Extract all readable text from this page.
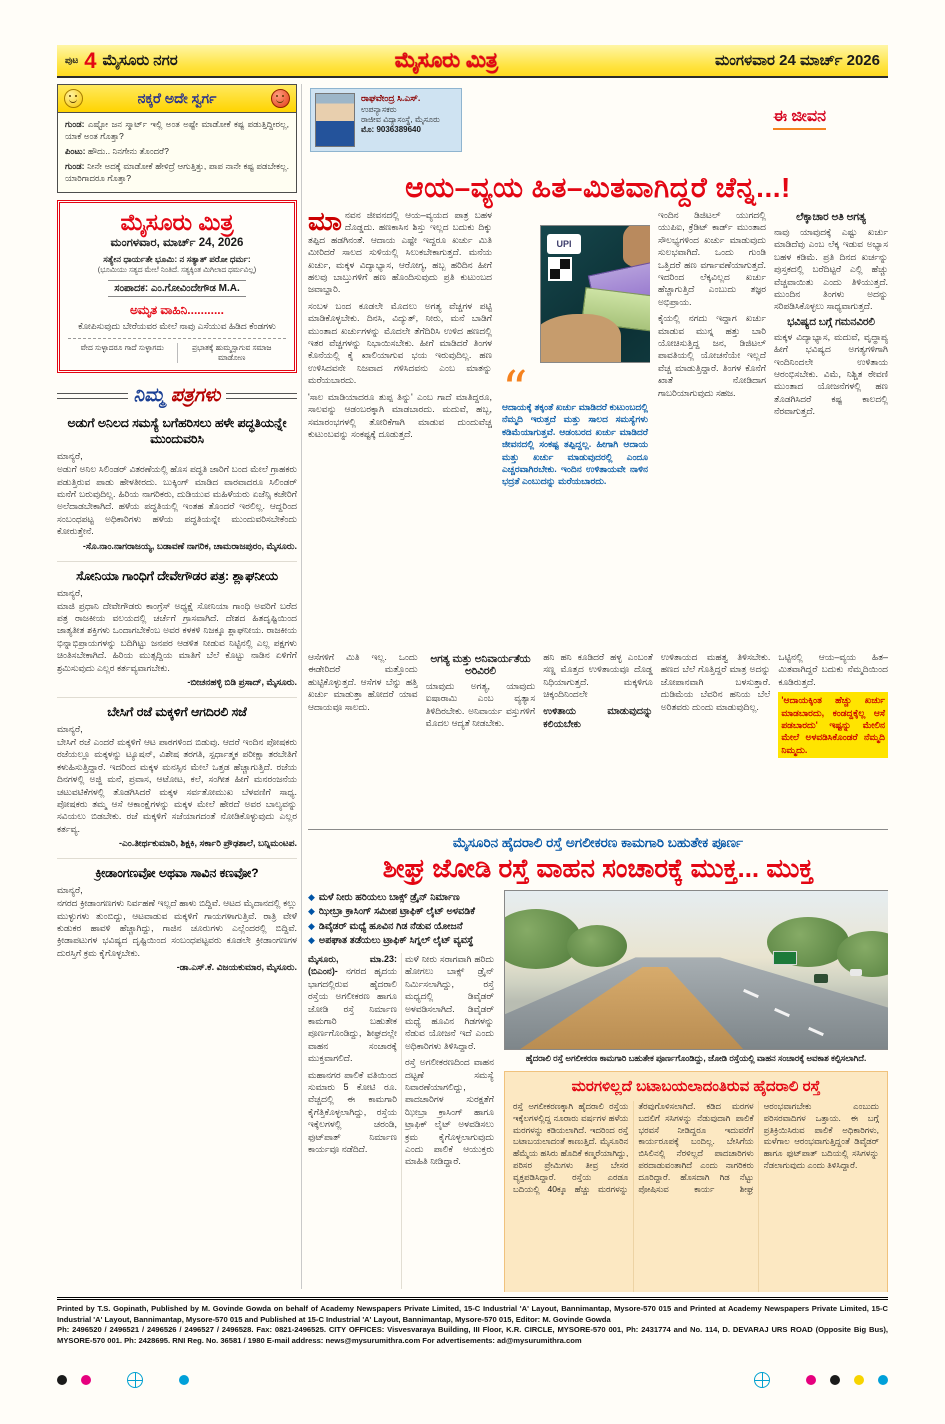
ಪುಟ 4 ಮೈಸೂರು ನಗರ	ಮೈಸೂರು ಮಿತ್ರ	ಮಂಗಳವಾರ 24 ಮಾರ್ಚ್ 2026
ನಕ್ಕರೆ ಅದೇ ಸ್ವರ್ಗ

ಗುಂಡ: ಎಷ್ಟೋ ಜನ ಸ್ಮಾರ್ಟ್ ಇಲ್ಲಿ ಅಂತ ಅಷ್ಟೇ ಮಾಡೋಕೆ ಕಷ್ಟ ಪಡುತ್ತಿದ್ದೀರಲ್ಲ, ಯಾಕೆ ಅಂತ ಗೊತ್ತಾ?

ಪಿಂಟು: ಹೌದು.. ನಿನಗೇನು ತೊಂದರೆ?

ಗುಂಡ: ನೀನೇ ಅದಕ್ಕೆ ಮಾಡೋಕೆ ಹೇಳಿದ್ರೆ ಆಗುತ್ತಿತ್ತು, ಪಾಪ ನಾನೇ ಕಷ್ಟ ಪಡಬೇಕಲ್ಲ. ಯಾರಿಗಾದರೂ ಗೊತ್ತಾ?

ಮೈಸೂರು ಮಿತ್ರ
ಮಂಗಳವಾರ, ಮಾರ್ಚ್ 24, 2026
ಸತ್ಯೇನ ಧಾರ್ಯತೇ ಭೂಮಿ: ನ ಸತ್ಯಾತ್ ಪರೋ ಧರ್ಮ:
(ಭೂಮಿಯು ಸತ್ಯದ ಮೇಲೆ ನಿಂತಿದೆ. ಸತ್ಯಕ್ಕಿಂತ ಮಿಗಿಲಾದ ಧರ್ಮವಿಲ್ಲ)
ಸಂಪಾದಕ: ಎಂ.ಗೋವಿಂದೇಗೌಡ M.A.
ಅಮೃತ ವಾಹಿನಿ...........
ಕೋಪಿಸುವುದು ಬೇರೆಯವರ ಮೇಲೆ ನಾವು ಎಸೆಯುವ ಹಿಡಿದ ಕೆಂಡಗಳು
ವೇದ ಸುಳ್ಳಾದರೂ ಗಾದೆ ಸುಳ್ಳಾಗದು	ಪ್ರಭಾತಕ್ಕೆ ಹುಮ್ಮಸ್ಸಾಗುವ ಸಮಾಜ ಮಾಡೋಣ
ನಿಮ್ಮ ಪತ್ರಗಳು
ಅಡುಗೆ ಅನಿಲದ ಸಮಸ್ಯೆ ಬಗೆಹರಿಸಲು ಹಳೇ ಪದ್ಧತಿಯನ್ನೇ ಮುಂದುವರಿಸಿ

ಮಾನ್ಯರೆ,

ಅಡುಗೆ ಅನಿಲ ಸಿಲಿಂಡರ್ ವಿತರಣೆಯಲ್ಲಿ ಹೊಸ ಪದ್ಧತಿ ಜಾರಿಗೆ ಬಂದ ಮೇಲೆ ಗ್ರಾಹಕರು ಪಡುತ್ತಿರುವ ಪಾಡು ಹೇಳತೀರದು. ಬುಕ್ಕಿಂಗ್ ಮಾಡಿದ ವಾರವಾದರೂ ಸಿಲಿಂಡರ್ ಮನೆಗೆ ಬರುವುದಿಲ್ಲ. ಹಿರಿಯ ನಾಗರಿಕರು, ದುಡಿಯುವ ಮಹಿಳೆಯರು ಏಜೆನ್ಸಿ ಕಚೇರಿಗೆ ಅಲೆದಾಡಬೇಕಾಗಿದೆ. ಹಳೆಯ ಪದ್ಧತಿಯಲ್ಲಿ ಇಂತಹ ತೊಂದರೆ ಇರಲಿಲ್ಲ. ಆದ್ದರಿಂದ ಸಂಬಂಧಪಟ್ಟ ಅಧಿಕಾರಿಗಳು ಹಳೆಯ ಪದ್ಧತಿಯನ್ನೇ ಮುಂದುವರಿಸಬೇಕೆಂದು ಕೋರುತ್ತೇನೆ.

-ಸೊ.ನಾಂ.ನಾಗರಾಜಯ್ಯ, ಬಡಾವಣೆ ನಾಗರಿಕ, ಚಾಮರಾಜಪುರಂ, ಮೈಸೂರು.

ಸೋನಿಯಾ ಗಾಂಧಿಗೆ ದೇವೇಗೌಡರ ಪತ್ರ: ಶ್ಲಾಘನೀಯ

ಮಾನ್ಯರೆ,

ಮಾಜಿ ಪ್ರಧಾನಿ ದೇವೇಗೌಡರು ಕಾಂಗ್ರೆಸ್ ಅಧ್ಯಕ್ಷೆ ಸೋನಿಯಾ ಗಾಂಧಿ ಅವರಿಗೆ ಬರೆದ ಪತ್ರ ರಾಜಕೀಯ ವಲಯದಲ್ಲಿ ಚರ್ಚೆಗೆ ಗ್ರಾಸವಾಗಿದೆ. ದೇಶದ ಹಿತದೃಷ್ಟಿಯಿಂದ ಜಾತ್ಯತೀತ ಶಕ್ತಿಗಳು ಒಂದಾಗಬೇಕೆಂಬ ಅವರ ಕಳಕಳಿ ನಿಜಕ್ಕೂ ಶ್ಲಾಘನೀಯ. ರಾಜಕೀಯ ಭಿನ್ನಾಭಿಪ್ರಾಯಗಳನ್ನು ಬದಿಗಿಟ್ಟು ಜನಪರ ಆಡಳಿತ ನೀಡುವ ನಿಟ್ಟಿನಲ್ಲಿ ಎಲ್ಲ ಪಕ್ಷಗಳು ಚಿಂತಿಸಬೇಕಾಗಿದೆ. ಹಿರಿಯ ಮುತ್ಸದ್ದಿಯ ಮಾತಿಗೆ ಬೆಲೆ ಕೊಟ್ಟು ನಾಡಿನ ಏಳಿಗೆಗೆ ಶ್ರಮಿಸುವುದು ಎಲ್ಲರ ಕರ್ತವ್ಯವಾಗಬೇಕು.

-ಬೀಚನಹಳ್ಳಿ ಬಿಡಿ ಪ್ರಸಾದ್, ಮೈಸೂರು.

ಬೇಸಿಗೆ ರಜೆ ಮಕ್ಕಳಿಗೆ ಆಗದಿರಲಿ ಸಜೆ

ಮಾನ್ಯರೆ,

ಬೇಸಿಗೆ ರಜೆ ಎಂದರೆ ಮಕ್ಕಳಿಗೆ ಆಟ ಪಾಠಗಳಿಂದ ಬಿಡುವು. ಆದರೆ ಇಂದಿನ ಪೋಷಕರು ರಜೆಯಲ್ಲೂ ಮಕ್ಕಳನ್ನು ಟ್ಯೂಷನ್, ವಿಶೇಷ ತರಗತಿ, ಸ್ಪರ್ಧಾತ್ಮಕ ಪರೀಕ್ಷಾ ತರಬೇತಿಗೆ ಕಳುಹಿಸುತ್ತಿದ್ದಾರೆ. ಇದರಿಂದ ಮಕ್ಕಳ ಮನಸ್ಸಿನ ಮೇಲೆ ಒತ್ತಡ ಹೆಚ್ಚಾಗುತ್ತಿದೆ. ರಜೆಯ ದಿನಗಳಲ್ಲಿ ಅಜ್ಜಿ ಮನೆ, ಪ್ರವಾಸ, ಆಟೋಟ, ಕಲೆ, ಸಂಗೀತ ಹೀಗೆ ಮನರಂಜನೆಯ ಚಟುವಟಿಕೆಗಳಲ್ಲಿ ತೊಡಗಿಸಿದರೆ ಮಕ್ಕಳ ಸರ್ವತೋಮುಖ ಬೆಳವಣಿಗೆ ಸಾಧ್ಯ. ಪೋಷಕರು ತಮ್ಮ ಆಸೆ ಆಕಾಂಕ್ಷೆಗಳನ್ನು ಮಕ್ಕಳ ಮೇಲೆ ಹೇರದೆ ಅವರ ಬಾಲ್ಯವನ್ನು ಸವಿಯಲು ಬಿಡಬೇಕು. ರಜೆ ಮಕ್ಕಳಿಗೆ ಸಜೆಯಾಗದಂತೆ ನೋಡಿಕೊಳ್ಳುವುದು ಎಲ್ಲರ ಕರ್ತವ್ಯ.

-ಎಂ.ತೀರ್ಥಕುಮಾರಿ, ಶಿಕ್ಷಕಿ, ಸರ್ಕಾರಿ ಪ್ರೌಢಶಾಲೆ, ಬನ್ನಿಮಂಟಪ.

ಕ್ರೀಡಾಂಗಣವೋ ಅಥವಾ ಸಾವಿನ ಕಣವೋ?

ಮಾನ್ಯರೆ,

ನಗರದ ಕ್ರೀಡಾಂಗಣಗಳು ನಿರ್ವಹಣೆ ಇಲ್ಲದೆ ಹಾಳು ಬಿದ್ದಿವೆ. ಆಟದ ಮೈದಾನದಲ್ಲಿ ಕಲ್ಲು ಮುಳ್ಳುಗಳು ತುಂಬಿದ್ದು, ಆಟವಾಡುವ ಮಕ್ಕಳಿಗೆ ಗಾಯಗಳಾಗುತ್ತಿವೆ. ರಾತ್ರಿ ವೇಳೆ ಕುಡುಕರ ಹಾವಳಿ ಹೆಚ್ಚಾಗಿದ್ದು, ಗಾಜಿನ ಚೂರುಗಳು ಎಲ್ಲೆಂದರಲ್ಲಿ ಬಿದ್ದಿವೆ. ಕ್ರೀಡಾಪಟುಗಳ ಭವಿಷ್ಯದ ದೃಷ್ಟಿಯಿಂದ ಸಂಬಂಧಪಟ್ಟವರು ಕೂಡಲೇ ಕ್ರೀಡಾಂಗಣಗಳ ದುರಸ್ತಿಗೆ ಕ್ರಮ ಕೈಗೊಳ್ಳಬೇಕು.

-ಡಾ.ಎಸ್.ಕೆ. ವಿಜಯಕುಮಾರ, ಮೈಸೂರು.

ರಾಘವೇಂದ್ರ ಸಿ.ಎಸ್.
ಉಪನ್ಯಾಸಕರು
ರಾಜೀವ ವಿದ್ಯಾಸಂಸ್ಥೆ, ಮೈಸೂರು
ಮೊ: 9036389640
ಈ ಜೀವನ
ಆಯ–ವ್ಯಯ ಹಿತ–ಮಿತವಾಗಿದ್ದರೆ ಚೆನ್ನ...!

ಮಾನವನ ಜೀವನದಲ್ಲಿ ಆಯ–ವ್ಯಯದ ಪಾತ್ರ ಬಹಳ ದೊಡ್ಡದು. ಹಣಕಾಸಿನ ಶಿಸ್ತು ಇಲ್ಲದ ಬದುಕು ದಿಕ್ಕು ತಪ್ಪಿದ ಹಡಗಿನಂತೆ. ಆದಾಯ ಎಷ್ಟೇ ಇದ್ದರೂ ಖರ್ಚು ಮಿತಿ ಮೀರಿದರೆ ಸಾಲದ ಸುಳಿಯಲ್ಲಿ ಸಿಲುಕಬೇಕಾಗುತ್ತದೆ. ಮನೆಯ ಖರ್ಚು, ಮಕ್ಕಳ ವಿದ್ಯಾಭ್ಯಾಸ, ಆರೋಗ್ಯ, ಹಬ್ಬ ಹರಿದಿನ ಹೀಗೆ ಹಲವು ಬಾಬ್ತುಗಳಿಗೆ ಹಣ ಹೊಂದಿಸುವುದು ಪ್ರತಿ ಕುಟುಂಬದ ಜವಾಬ್ದಾರಿ.

ಸಂಬಳ ಬಂದ ಕೂಡಲೇ ಮೊದಲು ಅಗತ್ಯ ವೆಚ್ಚಗಳ ಪಟ್ಟಿ ಮಾಡಿಕೊಳ್ಳಬೇಕು. ದಿನಸಿ, ವಿದ್ಯುತ್, ನೀರು, ಮನೆ ಬಾಡಿಗೆ ಮುಂತಾದ ಖರ್ಚುಗಳನ್ನು ಮೊದಲೇ ತೆಗೆದಿರಿಸಿ ಉಳಿದ ಹಣದಲ್ಲಿ ಇತರ ವೆಚ್ಚಗಳನ್ನು ನಿಭಾಯಿಸಬೇಕು. ಹೀಗೆ ಮಾಡಿದರೆ ತಿಂಗಳ ಕೊನೆಯಲ್ಲಿ ಕೈ ಖಾಲಿಯಾಗುವ ಭಯ ಇರುವುದಿಲ್ಲ. ಹಣ ಉಳಿಸಿದವನೇ ನಿಜವಾದ ಗಳಿಸಿದವನು ಎಂಬ ಮಾತನ್ನು ಮರೆಯಬಾರದು.

'ಸಾಲ ಮಾಡಿಯಾದರೂ ತುಪ್ಪ ತಿನ್ನು' ಎಂಬ ಗಾದೆ ಮಾತಿದ್ದರೂ, ಸಾಲವನ್ನು ಆಡಂಬರಕ್ಕಾಗಿ ಮಾಡಬಾರದು. ಮದುವೆ, ಹಬ್ಬ, ಸಮಾರಂಭಗಳಲ್ಲಿ ತೋರಿಕೆಗಾಗಿ ಮಾಡುವ ದುಂದುವೆಚ್ಚ ಕುಟುಂಬವನ್ನು ಸಂಕಷ್ಟಕ್ಕೆ ದೂಡುತ್ತದೆ.

UPI
“

ಆದಾಯಕ್ಕೆ ತಕ್ಕಂತೆ ಖರ್ಚು ಮಾಡಿದರೆ ಕುಟುಂಬದಲ್ಲಿ ನೆಮ್ಮದಿ ಇರುತ್ತದೆ ಮತ್ತು ಸಾಲದ ಸಮಸ್ಯೆಗಳು ಕಡಿಮೆಯಾಗುತ್ತವೆ. ಆಡಂಬರದ ಖರ್ಚು ಮಾಡಿದರೆ ಜೀವನದಲ್ಲಿ ಸಂಕಷ್ಟ ತಪ್ಪಿದ್ದಲ್ಲ. ಹೀಗಾಗಿ ಆದಾಯ ಮತ್ತು ಖರ್ಚು ಮಾಡುವುದರಲ್ಲಿ ಎಂದೂ ಎಚ್ಚರವಾಗಿರಬೇಕು. ಇಂದಿನ ಉಳಿತಾಯವೇ ನಾಳಿನ ಭದ್ರತೆ ಎಂಬುದನ್ನು ಮರೆಯಬಾರದು.

ಇಂದಿನ ಡಿಜಿಟಲ್ ಯುಗದಲ್ಲಿ ಯುಪಿಐ, ಕ್ರೆಡಿಟ್ ಕಾರ್ಡ್ ಮುಂತಾದ ಸೌಲಭ್ಯಗಳಿಂದ ಖರ್ಚು ಮಾಡುವುದು ಸುಲಭವಾಗಿದೆ. ಒಂದು ಗುಂಡಿ ಒತ್ತಿದರೆ ಹಣ ವರ್ಗಾವಣೆಯಾಗುತ್ತದೆ. ಇದರಿಂದ ಲೆಕ್ಕವಿಲ್ಲದ ಖರ್ಚು ಹೆಚ್ಚಾಗುತ್ತಿದೆ ಎಂಬುದು ತಜ್ಞರ ಅಭಿಪ್ರಾಯ.

ಕೈಯಲ್ಲಿ ನಗದು ಇದ್ದಾಗ ಖರ್ಚು ಮಾಡುವ ಮುನ್ನ ಹತ್ತು ಬಾರಿ ಯೋಚಿಸುತ್ತಿದ್ದ ಜನ, ಡಿಜಿಟಲ್ ಪಾವತಿಯಲ್ಲಿ ಯೋಚನೆಯೇ ಇಲ್ಲದೆ ವೆಚ್ಚ ಮಾಡುತ್ತಿದ್ದಾರೆ. ತಿಂಗಳ ಕೊನೆಗೆ ಖಾತೆ ನೋಡಿದಾಗ ಗಾಬರಿಯಾಗುವುದು ಸಹಜ.

ಲೆಕ್ಕಾಚಾರ ಅತಿ ಅಗತ್ಯ

ನಾವು ಯಾವುದಕ್ಕೆ ಎಷ್ಟು ಖರ್ಚು ಮಾಡಿದೆವು ಎಂಬ ಲೆಕ್ಕ ಇಡುವ ಅಭ್ಯಾಸ ಬಹಳ ಕಡಿಮೆ. ಪ್ರತಿ ದಿನದ ಖರ್ಚನ್ನು ಪುಸ್ತಕದಲ್ಲಿ ಬರೆದಿಟ್ಟರೆ ಎಲ್ಲಿ ಹೆಚ್ಚು ವೆಚ್ಚವಾಯಿತು ಎಂದು ತಿಳಿಯುತ್ತದೆ. ಮುಂದಿನ ತಿಂಗಳು ಅದನ್ನು ಸರಿಪಡಿಸಿಕೊಳ್ಳಲು ಸಾಧ್ಯವಾಗುತ್ತದೆ.

ಭವಿಷ್ಯದ ಬಗ್ಗೆ ಗಮನವಿರಲಿ

ಮಕ್ಕಳ ವಿದ್ಯಾಭ್ಯಾಸ, ಮದುವೆ, ವೃದ್ಧಾಪ್ಯ ಹೀಗೆ ಭವಿಷ್ಯದ ಅಗತ್ಯಗಳಿಗಾಗಿ ಇಂದಿನಿಂದಲೇ ಉಳಿತಾಯ ಆರಂಭಿಸಬೇಕು. ವಿಮೆ, ನಿಶ್ಚಿತ ಠೇವಣಿ ಮುಂತಾದ ಯೋಜನೆಗಳಲ್ಲಿ ಹಣ ತೊಡಗಿಸಿದರೆ ಕಷ್ಟ ಕಾಲದಲ್ಲಿ ನೆರವಾಗುತ್ತದೆ.

ಆಸೆಗಳಿಗೆ ಮಿತಿ ಇಲ್ಲ. ಒಂದು ಈಡೇರಿದರೆ ಮತ್ತೊಂದು ಹುಟ್ಟಿಕೊಳ್ಳುತ್ತದೆ. ಆಸೆಗಳ ಬೆನ್ನು ಹತ್ತಿ ಖರ್ಚು ಮಾಡುತ್ತಾ ಹೋದರೆ ಯಾವ ಆದಾಯವೂ ಸಾಲದು.

ಅಗತ್ಯ ಮತ್ತು ಅನಿವಾರ್ಯತೆಯ ಅರಿವಿರಲಿ

ಯಾವುದು ಅಗತ್ಯ, ಯಾವುದು ಐಷಾರಾಮಿ ಎಂಬ ವ್ಯತ್ಯಾಸ ತಿಳಿದಿರಬೇಕು. ಅನಿವಾರ್ಯ ವಸ್ತುಗಳಿಗೆ ಮೊದಲ ಆದ್ಯತೆ ನೀಡಬೇಕು.

ಹನಿ ಹನಿ ಕೂಡಿದರೆ ಹಳ್ಳ ಎಂಬಂತೆ ಸಣ್ಣ ಮೊತ್ತದ ಉಳಿತಾಯವೂ ದೊಡ್ಡ ನಿಧಿಯಾಗುತ್ತದೆ. ಮಕ್ಕಳಿಗೂ ಚಿಕ್ಕಂದಿನಿಂದಲೇ

ಉಳಿತಾಯ ಮಾಡುವುದನ್ನು ಕಲಿಯಬೇಕು

ಉಳಿತಾಯದ ಮಹತ್ವ ತಿಳಿಸಬೇಕು. ಹಣದ ಬೆಲೆ ಗೊತ್ತಿ‌ದ್ದರೆ ಮಾತ್ರ ಅದನ್ನು ಜೋಪಾನವಾಗಿ ಬಳಸುತ್ತಾರೆ. ದುಡಿಮೆಯ ಬೆವರಿನ ಹನಿಯ ಬೆಲೆ ಅರಿತವರು ದುಂದು ಮಾಡುವುದಿಲ್ಲ.

ಒಟ್ಟಿನಲ್ಲಿ ಆಯ–ವ್ಯಯ ಹಿತ–ಮಿತವಾಗಿದ್ದರೆ ಬದುಕು ನೆಮ್ಮದಿಯಿಂದ ಕೂಡಿರುತ್ತದೆ.

'ಆದಾಯಕ್ಕಿಂತ ಹೆಚ್ಚು ಖರ್ಚು ಮಾಡಬಾರದು, ಕಂಡದ್ದಕ್ಕೆಲ್ಲ ಆಸೆ ಪಡಬಾರದು' ಇಷ್ಟನ್ನು ಮೇಲಿನ ಮೇಲೆ ಅಳವಡಿಸಿಕೊಂಡರೆ ನೆಮ್ಮದಿ ನಿಮ್ಮದು.

ಮೈಸೂರಿನ ಹೈದರಾಲಿ ರಸ್ತೆ ಅಗಲೀಕರಣ ಕಾಮಗಾರಿ ಬಹುತೇಕ ಪೂರ್ಣ
ಶೀಘ್ರ ಜೋಡಿ ರಸ್ತೆ ವಾಹನ ಸಂಚಾರಕ್ಕೆ ಮುಕ್ತ... ಮುಕ್ತ
◆ ಮಳೆ ನೀರು ಹರಿಯಲು ಬಾಕ್ಸ್ ಡ್ರೈನ್ ನಿರ್ಮಾಣ
◆ ಝೀಬ್ರಾ ಕ್ರಾಸಿಂಗ್ ಸಮೀಪ ಟ್ರಾಫಿಕ್ ಲೈಟ್ ಅಳವಡಿಕೆ
◆ ಡಿವೈಡರ್ ಮಧ್ಯೆ ಹೂವಿನ ಗಿಡ ನೆಡುವ ಯೋಜನೆ
◆ ಅಪಘಾತ ತಡೆಯಲು ಟ್ರಾಫಿಕ್ ಸಿಗ್ನಲ್ ಲೈಟ್ ವ್ಯವಸ್ಥೆ

ಮೈಸೂರು, ಮಾ.23:(ಬಿಎಂನ)- ನಗರದ ಹೃದಯ ಭಾಗದಲ್ಲಿರುವ ಹೈದರಾಲಿ ರಸ್ತೆಯ ಅಗಲೀಕರಣ ಹಾಗೂ ಜೋಡಿ ರಸ್ತೆ ನಿರ್ಮಾಣ ಕಾಮಗಾರಿ ಬಹುತೇಕ ಪೂರ್ಣಗೊಂಡಿದ್ದು, ಶೀಘ್ರದಲ್ಲೇ ವಾಹನ ಸಂಚಾರಕ್ಕೆ ಮುಕ್ತವಾಗಲಿದೆ.

ಮಹಾನಗರ ಪಾಲಿಕೆ ವತಿಯಿಂದ ಸುಮಾರು 5 ಕೋಟಿ ರೂ. ವೆಚ್ಚದಲ್ಲಿ ಈ ಕಾಮಗಾರಿ ಕೈಗೆತ್ತಿಕೊಳ್ಳಲಾಗಿದ್ದು, ರಸ್ತೆಯ ಇಕ್ಕೆಲಗಳಲ್ಲಿ ಚರಂಡಿ, ಫುಟ್‌ಪಾತ್ ನಿರ್ಮಾಣ ಕಾರ್ಯವೂ ನಡೆದಿದೆ.

ಮಳೆ ನೀರು ಸರಾಗವಾಗಿ ಹರಿದು ಹೋಗಲು ಬಾಕ್ಸ್ ಡ್ರೈನ್ ನಿರ್ಮಿಸಲಾಗಿದ್ದು, ರಸ್ತೆ ಮಧ್ಯದಲ್ಲಿ ಡಿವೈಡರ್ ಅಳವಡಿಸಲಾಗಿದೆ. ಡಿವೈಡರ್ ಮಧ್ಯೆ ಹೂವಿನ ಗಿಡಗಳನ್ನು ನೆಡುವ ಯೋಜನೆ ಇದೆ ಎಂದು ಅಧಿಕಾರಿಗಳು ತಿಳಿಸಿದ್ದಾರೆ.

ರಸ್ತೆ ಅಗಲೀಕರಣದಿಂದ ವಾಹನ ದಟ್ಟಣೆ ಸಮಸ್ಯೆ ನಿವಾರಣೆಯಾಗಲಿದ್ದು, ಪಾದಚಾರಿಗಳ ಸುರಕ್ಷತೆಗೆ ಝೀಬ್ರಾ ಕ್ರಾಸಿಂಗ್ ಹಾಗೂ ಟ್ರಾಫಿಕ್ ಲೈಟ್ ಅಳವಡಿಸಲು ಕ್ರಮ ಕೈಗೊಳ್ಳಲಾಗುವುದು ಎಂದು ಪಾಲಿಕೆ ಆಯುಕ್ತರು ಮಾಹಿತಿ ನೀಡಿದ್ದಾರೆ.

ಹೈದರಾಲಿ ರಸ್ತೆ ಅಗಲೀಕರಣ ಕಾಮಗಾರಿ ಬಹುತೇಕ ಪೂರ್ಣಗೊಂಡಿದ್ದು, ಜೋಡಿ ರಸ್ತೆಯಲ್ಲಿ ವಾಹನ ಸಂಚಾರಕ್ಕೆ ಅವಕಾಶ ಕಲ್ಪಿಸಲಾಗಿದೆ.
ಮರಗಳಿಲ್ಲದೆ ಬಟಾಬಯಲಾದಂತಿರುವ ಹೈದರಾಲಿ ರಸ್ತೆ
ರಸ್ತೆ ಅಗಲೀಕರಣಕ್ಕಾಗಿ ಹೈದರಾಲಿ ರಸ್ತೆಯ ಇಕ್ಕೆಲಗಳಲ್ಲಿದ್ದ ನೂರಾರು ವರ್ಷಗಳ ಹಳೆಯ ಮರಗಳನ್ನು ಕಡಿಯಲಾಗಿದೆ. ಇದರಿಂದ ರಸ್ತೆ ಬಟಾಬಯಲಾದಂತೆ ಕಾಣುತ್ತಿದೆ. ಮೈಸೂರಿನ ಹೆಮ್ಮೆಯ ಹಸಿರು ಹೊದಿಕೆ ಕಣ್ಮರೆಯಾಗಿದ್ದು, ಪರಿಸರ ಪ್ರೇಮಿಗಳು ತೀವ್ರ ಬೇಸರ ವ್ಯಕ್ತಪಡಿಸಿದ್ದಾರೆ. ರಸ್ತೆಯ ಎರಡೂ ಬದಿಯಲ್ಲಿ 40ಕ್ಕೂ ಹೆಚ್ಚು ಮರಗಳನ್ನು ತೆರವುಗೊಳಿಸಲಾಗಿದೆ. ಕಡಿದ ಮರಗಳ ಬದಲಿಗೆ ಸಸಿಗಳನ್ನು ನೆಡುವುದಾಗಿ ಪಾಲಿಕೆ ಭರವಸೆ ನೀಡಿದ್ದರೂ ಇದುವರೆಗೆ ಕಾರ್ಯರೂಪಕ್ಕೆ ಬಂದಿಲ್ಲ. ಬೇಸಿಗೆಯ ಬಿಸಿಲಿನಲ್ಲಿ ನೆರಳಿಲ್ಲದೆ ಪಾದಚಾರಿಗಳು ಪರದಾಡುವಂತಾಗಿದೆ ಎಂದು ನಾಗರಿಕರು ದೂರಿದ್ದಾರೆ. ಹೊಸದಾಗಿ ಗಿಡ ನೆಟ್ಟು ಪೋಷಿಸುವ ಕಾರ್ಯ ಶೀಘ್ರ ಆರಂಭವಾಗಬೇಕು ಎಂಬುದು ಪರಿಸರವಾದಿಗಳ ಒತ್ತಾಯ. ಈ ಬಗ್ಗೆ ಪ್ರತಿಕ್ರಿಯಿಸಿರುವ ಪಾಲಿಕೆ ಅಧಿಕಾರಿಗಳು, ಮಳೆಗಾಲ ಆರಂಭವಾಗುತ್ತಿದ್ದಂತೆ ಡಿವೈಡರ್ ಹಾಗೂ ಫುಟ್‌ಪಾತ್ ಬದಿಯಲ್ಲಿ ಸಸಿಗಳನ್ನು ನೆಡಲಾಗುವುದು ಎಂದು ತಿಳಿಸಿದ್ದಾರೆ.

Printed by T.S. Gopinath, Published by M. Govinde Gowda on behalf of Academy Newspapers Private Limited, 15-C Industrial 'A' Layout, Bannimantap, Mysore-570 015 and Printed at Academy Newspapers Private Limited, 15-C Industrial 'A' Layout, Bannimantap, Mysore-570 015 and Published at 15-C Industrial 'A' Layout, Bannimantap, Mysore-570 015, Editor: M. Govinde Gowda

Ph: 2496520 / 2496521 / 2496526 / 2496527 / 2496528. Fax: 0821-2496525. CITY OFFICES: Visvesvaraya Building, III Floor, K.R. CIRCLE, MYSORE-570 001, Ph: 2431774 and No. 114, D. DEVARAJ URS ROAD (Opposite Big Bus), MYSORE-570 001. Ph: 2428695. RNI Reg. No. 36581 / 1980 E-mail address: news@mysurumithra.com For advertisements: ad@mysurumithra.com
